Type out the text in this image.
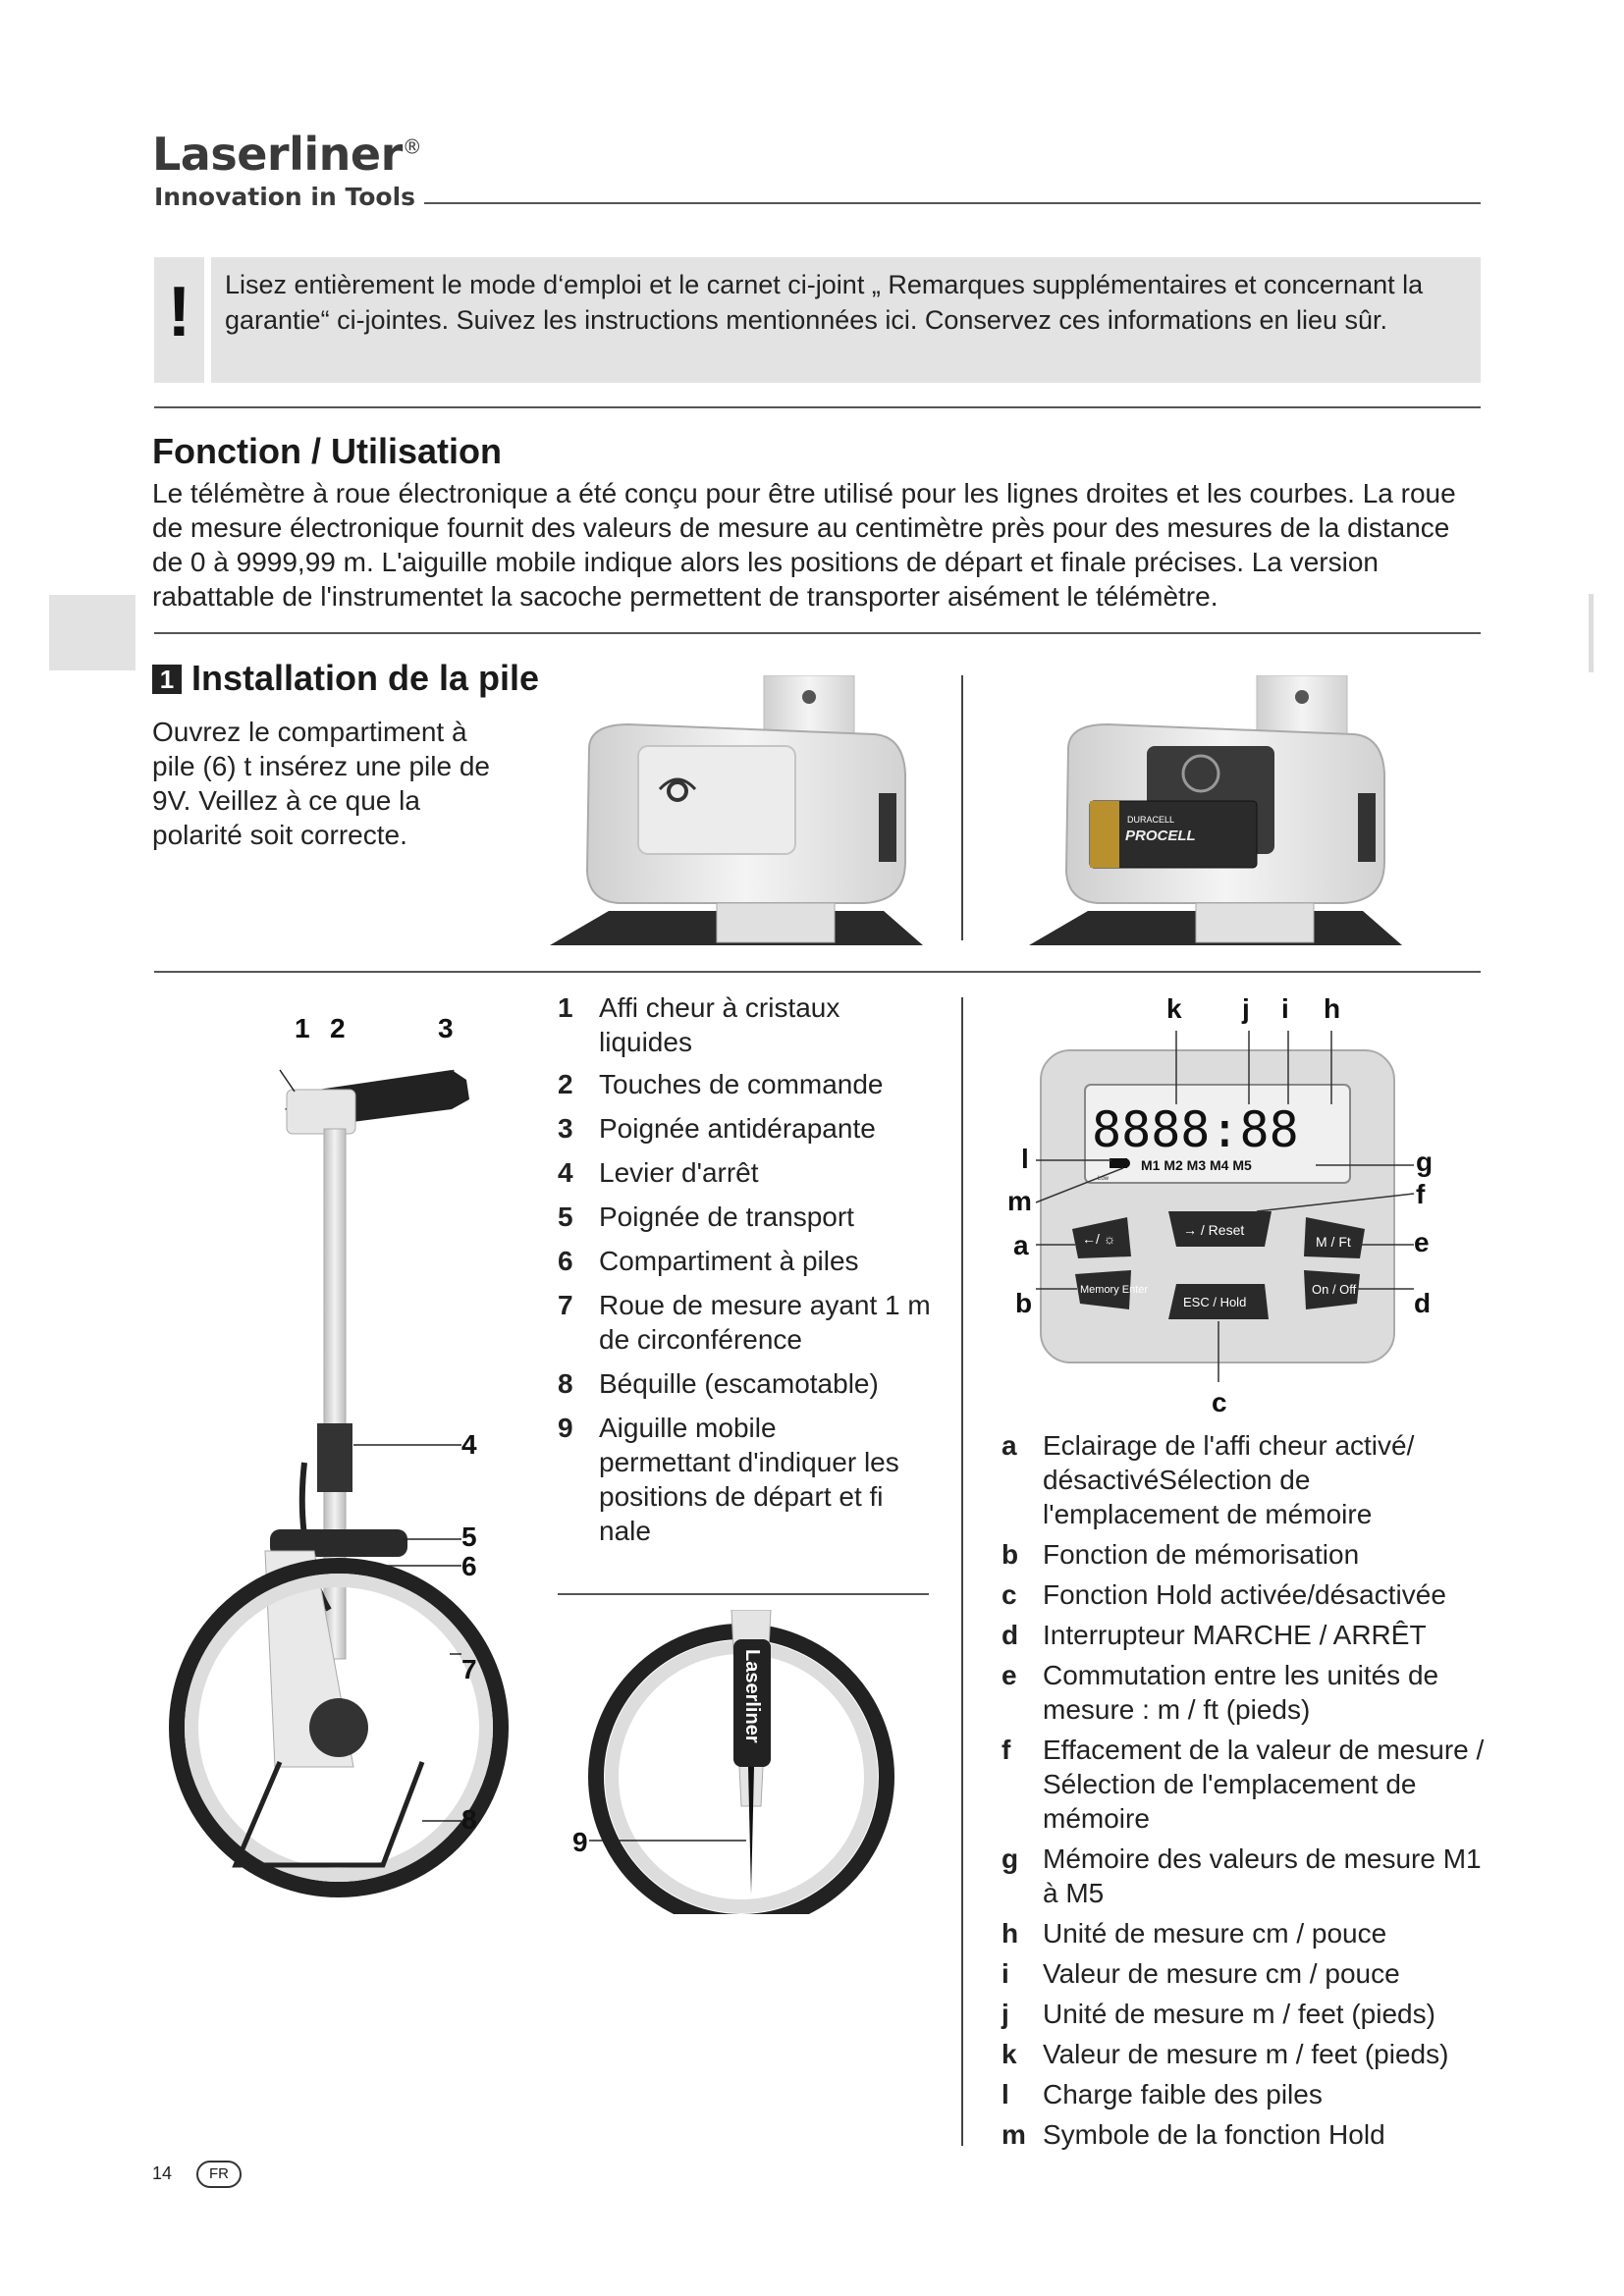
Laserliner®
Innovation in Tools
!	Lisez entièrement le mode d‘emploi et le carnet ci-joint „ Remarques supplémentaires et concernant la garantie“ ci-jointes. Suivez les instructions mentionnées ici. Conservez ces informations en lieu sûr.
Fonction / Utilisation
Le télémètre à roue électronique a été conçu pour être utilisé pour les lignes droites et les courbes. La roue de mesure électronique fournit des valeurs de mesure au centimètre près pour des mesures de la distance de 0 à 9999,99 m. L'aiguille mobile indique alors les positions de départ et finale précises. La version rabattable de l'instrumentet la sacoche permettent de transporter aisément le télémètre.
1 Installation de la pile
Ouvrez le compartiment à pile (6) t insérez une pile de 9V. Veillez à ce que la polarité soit correcte.	DURACELL
PROCELL
1 2	3
4
5
6
7
8
1 Affi cheur à cristaux liquides
2 Touches de commande
3 Poignée antidérapante
4 Levier d'arrêt
5 Poignée de transport
6 Compartiment à piles
7 Roue de mesure ayant 1 m de circonférence
8 Béquille (escamotable)
9 Aiguille mobile permettant d'indiquer les positions de départ et fi nale
Laserliner
9
8888:88
M1 M2 M3 M4 M5
Low
←/ ☼
→ / Reset
M / Ft
Memory Enter
ESC / Hold
On / Off
k j i h
l	g
m	f
a	e
b	d
c
a Eclairage de l'affi cheur activé/ désactivéSélection de l'emplacement de mémoire
b Fonction de mémorisation
c Fonction Hold activée/désactivée
d Interrupteur MARCHE / ARRÊT
e Commutation entre les unités de mesure : m / ft (pieds)
f Effacement de la valeur de mesure / Sélection de l'emplacement de mémoire
g Mémoire des valeurs de mesure M1 à M5
h Unité de mesure cm / pouce
i Valeur de mesure cm / pouce
j Unité de mesure m / feet (pieds)
k Valeur de mesure m / feet (pieds)
l Charge faible des piles
m Symbole de la fonction Hold
14	FR
